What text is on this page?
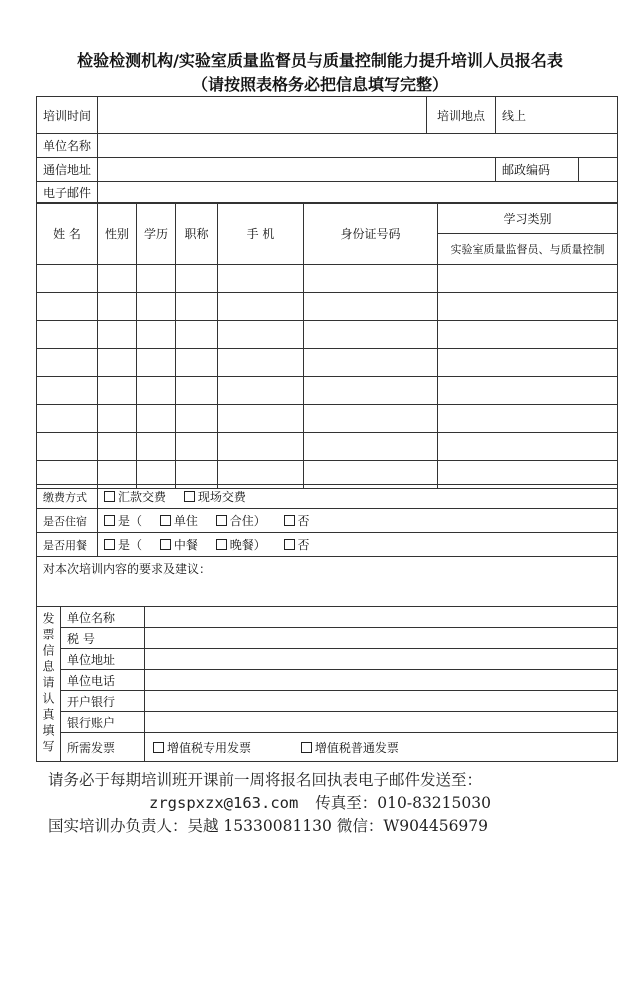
检验检测机构/实验室质量监督员与质量控制能力提升培训人员报名表
（请按照表格务必把信息填写完整）
培训时间		培训地点	线上
单位名称			
通信地址			邮政编码

电子邮件			
姓 名	性别	学历	职称	手 机	身份证号码	学习类别
						实验室质量监督员、与质量控制

缴费方式	汇款交费 现场交费
是否住宿	是（ 单住 合住） 否
是否用餐	是（ 中餐 晚餐） 否
对本次培训内容的要求及建议：	
发票信息请认真填写	单位名称	
	税 号	
	单位地址	
	单位电话	
	开户银行	
	银行账户	
	所需发票	增值税专用发票 增值税普通发票
请务必于每期培训班开课前一周将报名回执表电子邮件发送至：
zrgspxzx@163.com 传真至：010-83215030
国实培训办负责人：吴越 15330081130 微信：W904456979
